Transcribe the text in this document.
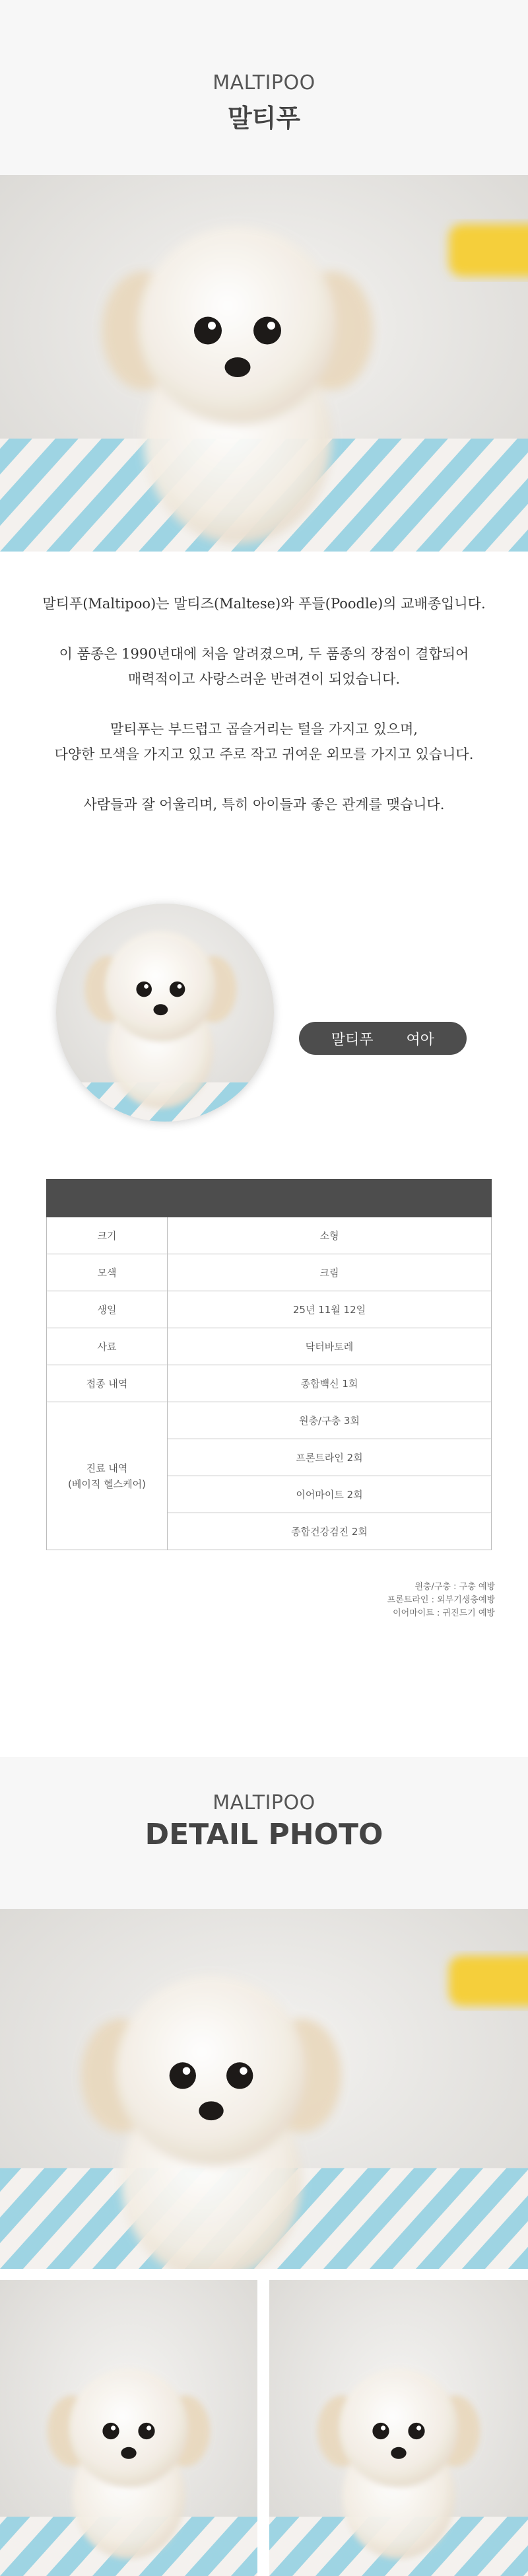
MALTIPOO
말티푸

말티푸(Maltipoo)는 말티즈(Maltese)와 푸들(Poodle)의 교배종입니다.

이 품종은 1990년대에 처음 알려졌으며, 두 품종의 장점이 결합되어
매력적이고 사랑스러운 반려견이 되었습니다.

말티푸는 부드럽고 곱슬거리는 털을 가지고 있으며,
다양한 모색을 가지고 있고 주로 작고 귀여운 외모를 가지고 있습니다.

사람들과 잘 어울리며, 특히 아이들과 좋은 관계를 맺습니다.

말티푸 여아

크기	소형
모색	크림
생일	25년 11월 12일
사료	닥터바토레
접종 내역	종합백신 1회
진료 내역
(베이직 헬스케어)	원충/구충 3회
	프론트라인 2회
	이어마이트 2회
	종합건강검진 2회
원충/구충 : 구충 예방
프론트라인 : 외부기생충예방
이어마이트 : 귀진드기 예방
MALTIPOO
DETAIL PHOTO
